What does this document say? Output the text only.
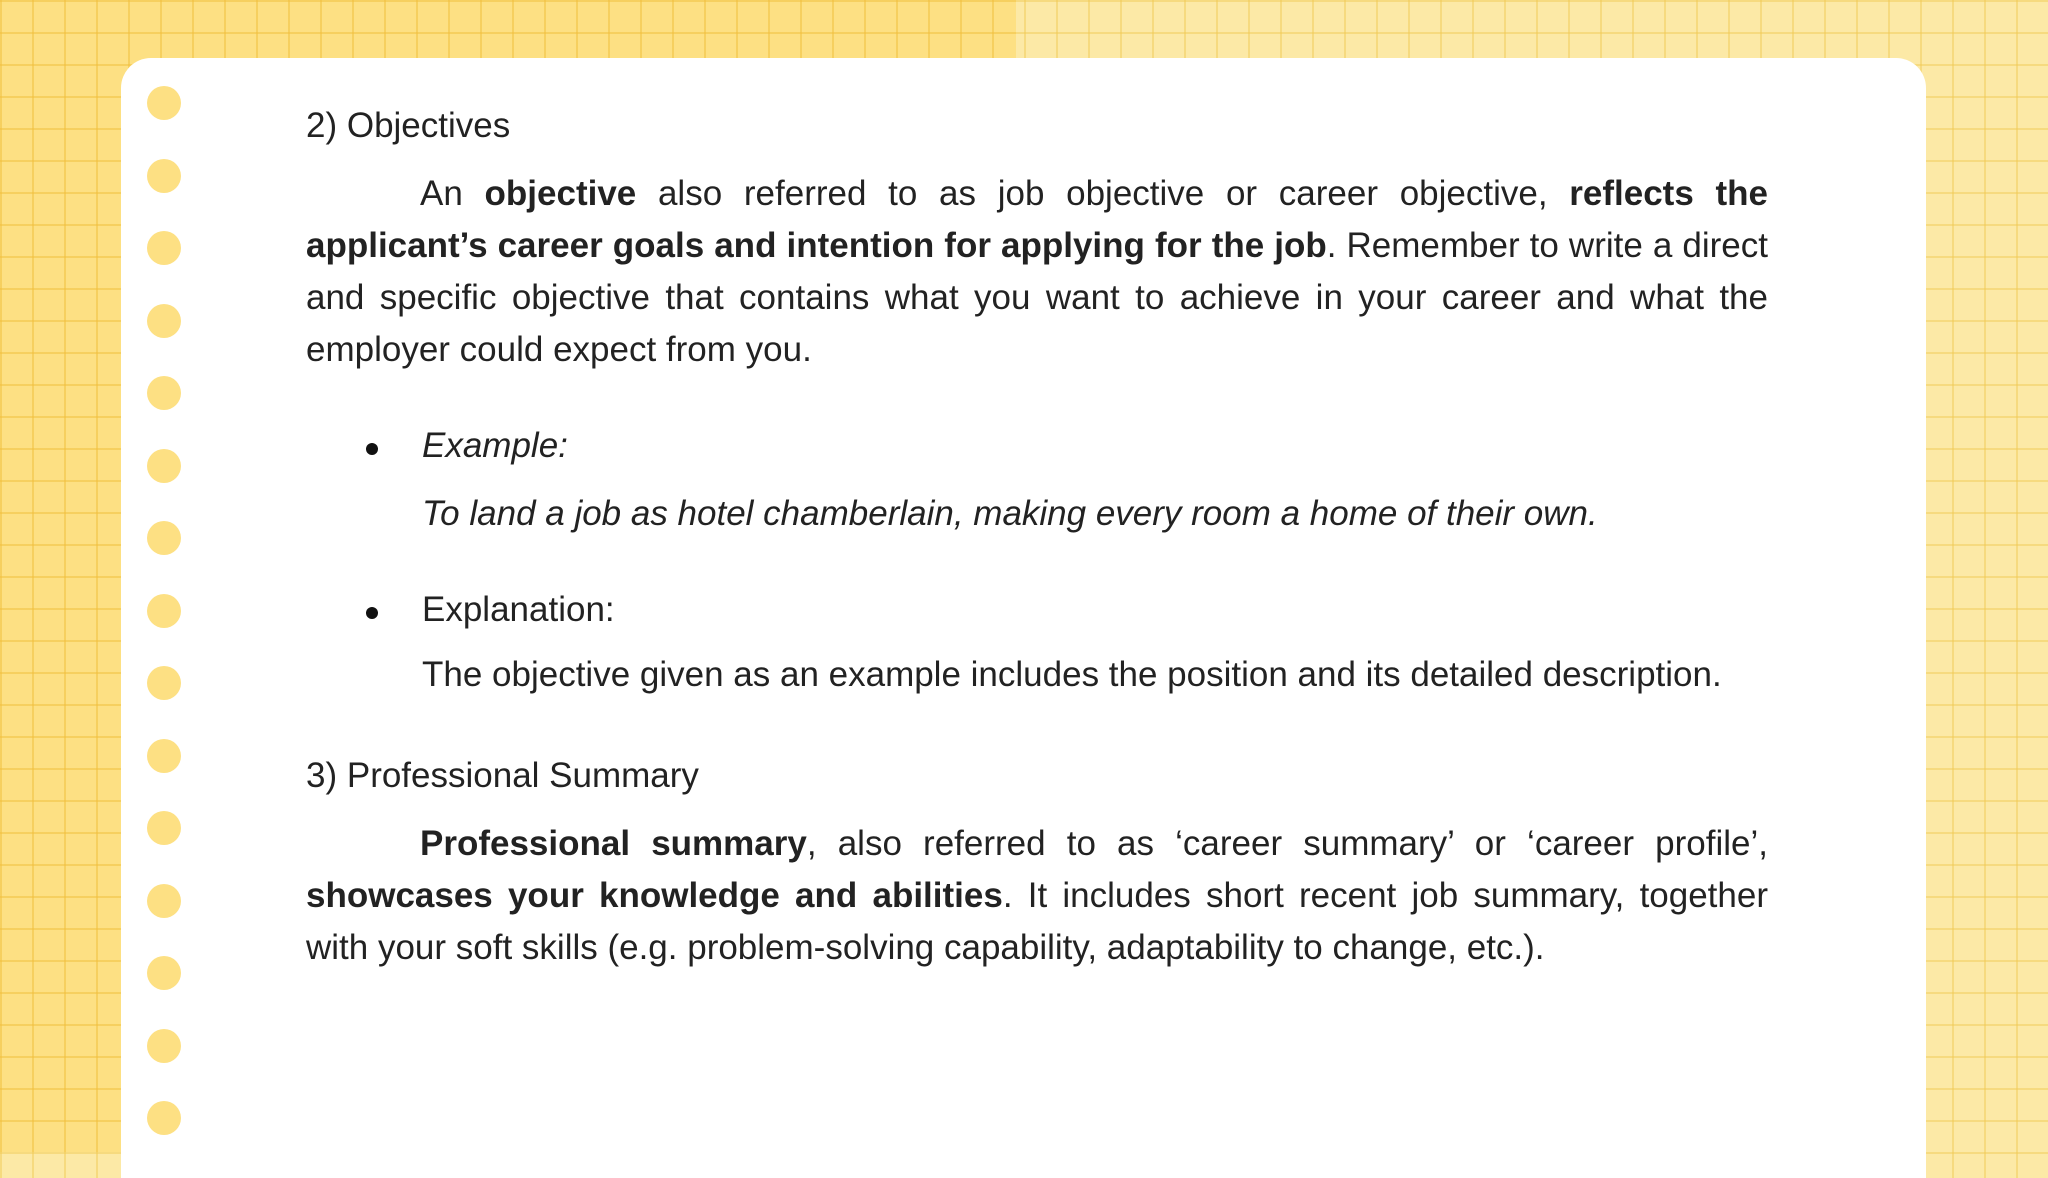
2) Objectives

An objective also referred to as job objective or career objective, reflects the applicant’s career goals and intention for applying for the job. Remember to write a direct and specific objective that contains what you want to achieve in your career and what the employer could expect from you.

Example:

To land a job as hotel chamberlain, making every room a home of their own.

Explanation:

The objective given as an example includes the position and its detailed description.

3) Professional Summary

Professional summary, also referred to as ‘career summary’ or ‘career profile’, showcases your knowledge and abilities. It includes short recent job summary, together with your soft skills (e.g. problem-solving capability, adaptability to change, etc.).
